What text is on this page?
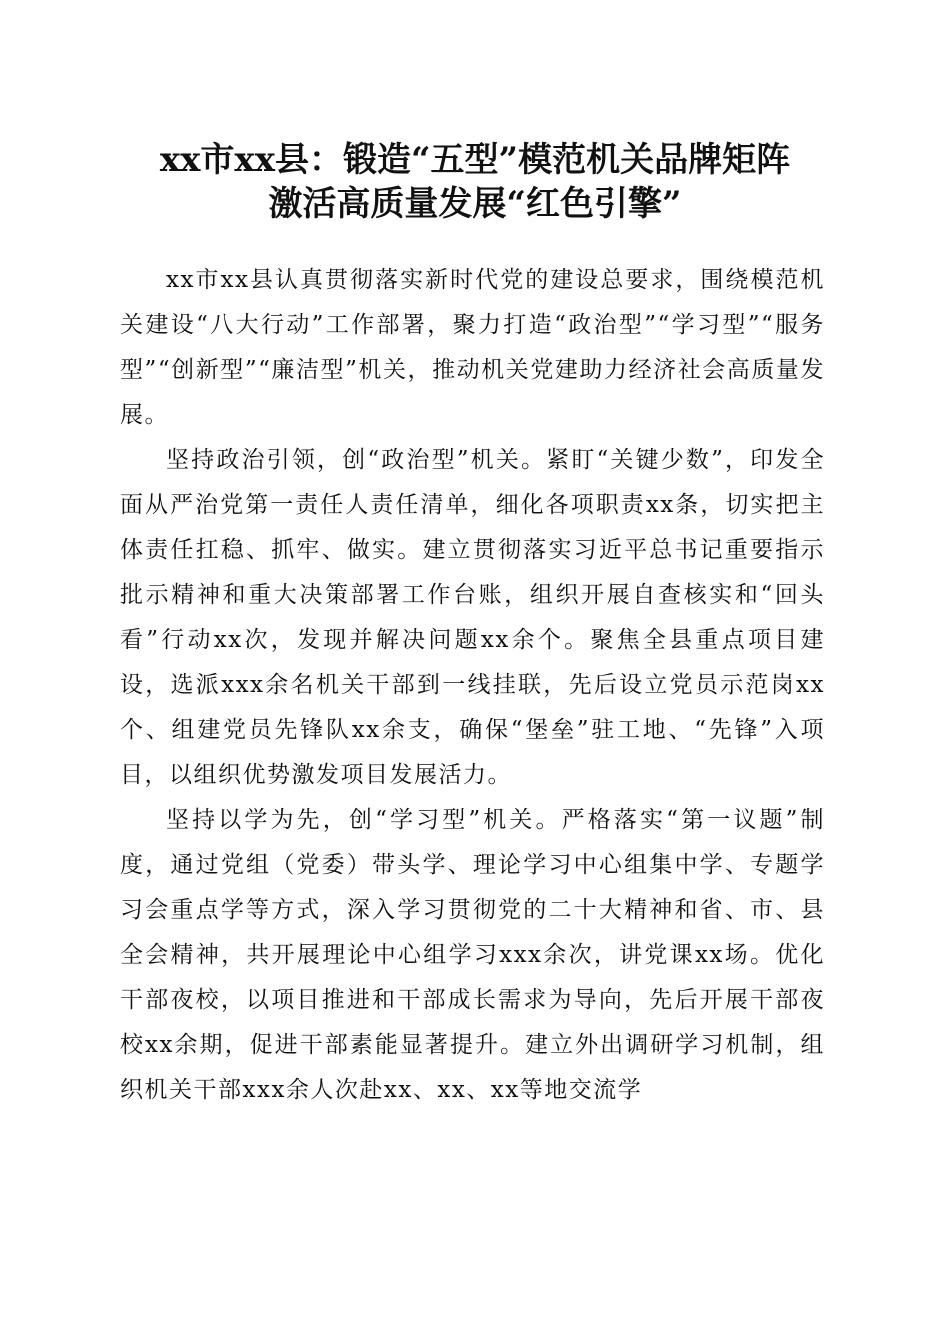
xx市xx县：锻造“五型”模范机关品牌矩阵
激活高质量发展“红色引擎”

xx市xx县认真贯彻落实新时代党的建设总要求，围绕模范机关建设“八大行动”工作部署，聚力打造“政治型”“学习型”“服务型”“创新型”“廉洁型”机关，推动机关党建助力经济社会高质量发展。

坚持政治引领，创“政治型”机关。紧盯“关键少数”，印发全面从严治党第一责任人责任清单，细化各项职责xx条，切实把主体责任扛稳、抓牢、做实。建立贯彻落实习近平总书记重要指示批示精神和重大决策部署工作台账，组织开展自查核实和“回头看”行动xx次，发现并解决问题xx余个。聚焦全县重点项目建设，选派xxx余名机关干部到一线挂联，先后设立党员示范岗xx个、组建党员先锋队xx余支，确保“堡垒”驻工地、“先锋”入项目，以组织优势激发项目发展活力。

坚持以学为先，创“学习型”机关。严格落实“第一议题”制度，通过党组（党委）带头学、理论学习中心组集中学、专题学习会重点学等方式，深入学习贯彻党的二十大精神和省、市、县全会精神，共开展理论中心组学习xxx余次，讲党课xx场。优化干部夜校，以项目推进和干部成长需求为导向，先后开展干部夜校xx余期，促进干部素能显著提升。建立外出调研学习机制，组织机关干部xxx余人次赴xx、xx、xx等地交流学
